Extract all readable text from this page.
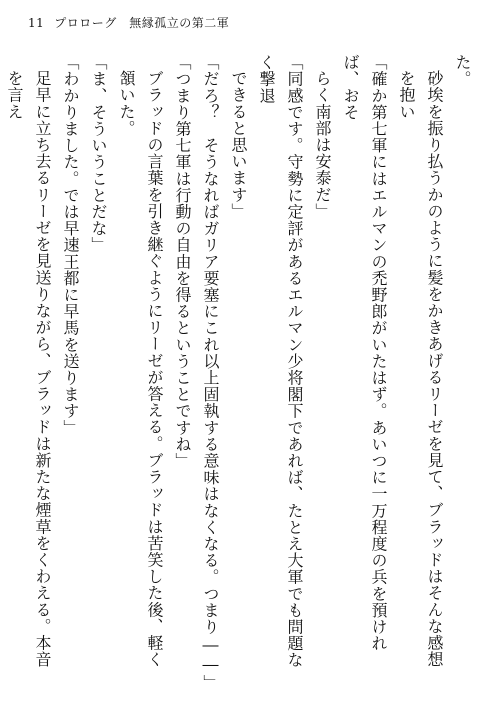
11 プロローグ　無縁孤立の第二軍
た。
砂埃を振り払うかのように髪をかきあげるリーゼを見て、ブラッドはそんな感想を抱い
「確か第七軍にはエルマンの禿野郎がいたはず。あいつに一万程度の兵を預ければ、おそ
らく南部は安泰だ」
「同感です。守勢に定評があるエルマン少将閣下であれば、たとえ大軍でも問題なく撃退
できると思います」
「だろ？　そうなればガリア要塞にこれ以上固執する意味はなくなる。つまり――」
「つまり第七軍は行動の自由を得るということですね」
ブラッドの言葉を引き継ぐようにリーゼが答える。ブラッドは苦笑した後、軽く頷いた。
「ま、そういうことだな」
「わかりました。では早速王都に早馬を送ります」
足早に立ち去るリーゼを見送りながら、ブラッドは新たな煙草をくわえる。本音を言え
